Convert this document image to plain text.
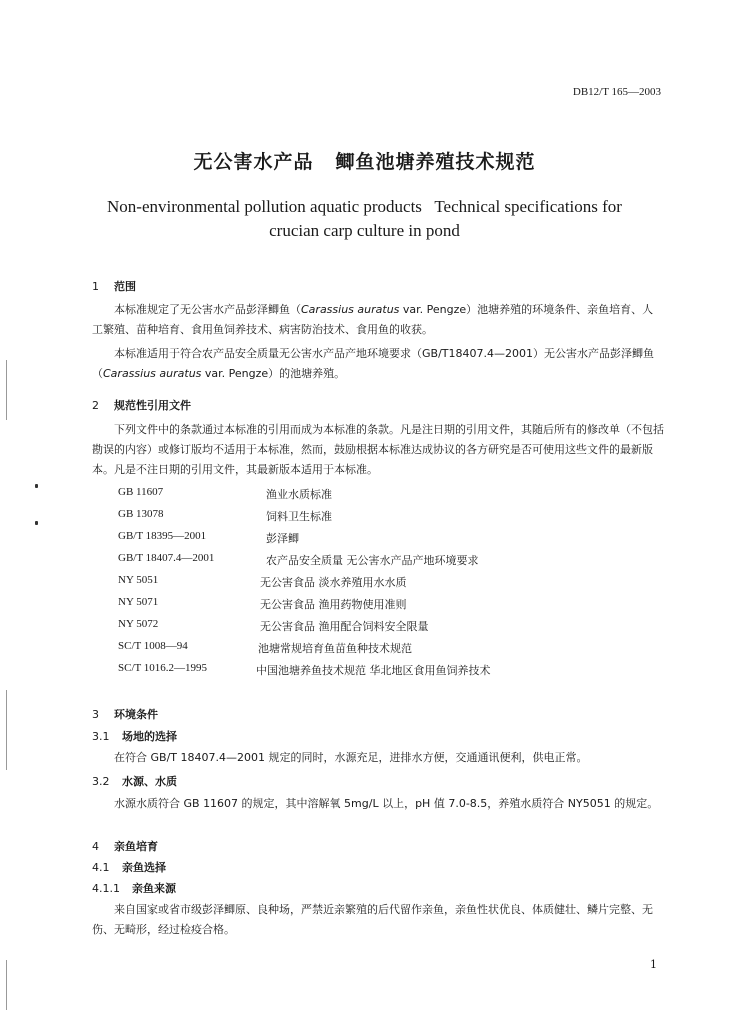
DB12/T 165—2003
无公害水产品 鲫鱼池塘养殖技术规范
Non-environmental pollution aquatic products   Technical specifications for
crucian carp culture in pond
1 范围
本标准规定了无公害水产品彭泽鲫鱼（Carassius auratus var. Pengze）池塘养殖的环境条件、亲鱼培育、人工繁殖、苗种培育、食用鱼饲养技术、病害防治技术、食用鱼的收获。
本标准适用于符合农产品安全质量无公害水产品产地环境要求（GB/T18407.4—2001）无公害水产品彭泽鲫鱼（Carassius auratus var. Pengze）的池塘养殖。
2 规范性引用文件
下列文件中的条款通过本标准的引用而成为本标准的条款。凡是注日期的引用文件，其随后所有的修改单（不包括勘误的内容）或修订版均不适用于本标准，然而，鼓励根据本标准达成协议的各方研究是否可使用这些文件的最新版本。凡是不注日期的引用文件，其最新版本适用于本标准。
GB 11607	渔业水质标准
GB 13078	饲料卫生标准
GB/T 18395—2001	彭泽鲫
GB/T 18407.4—2001	农产品安全质量 无公害水产品产地环境要求
NY 5051	无公害食品 淡水养殖用水水质
NY 5071	无公害食品 渔用药物使用准则
NY 5072	无公害食品 渔用配合饲料安全限量
SC/T 1008—94	池塘常规培育鱼苗鱼种技术规范
SC/T 1016.2—1995	中国池塘养鱼技术规范 华北地区食用鱼饲养技术
3 环境条件
3.1 场地的选择
在符合 GB/T 18407.4—2001 规定的同时，水源充足，进排水方便，交通通讯便利，供电正常。
3.2 水源、水质
水源水质符合 GB 11607 的规定，其中溶解氧 5mg/L 以上，pH 值 7.0-8.5，养殖水质符合 NY5051 的规定。
4 亲鱼培育
4.1 亲鱼选择
4.1.1 亲鱼来源
来自国家或省市级彭泽鲫原、良种场，严禁近亲繁殖的后代留作亲鱼，亲鱼性状优良、体质健壮、鳞片完整、无伤、无畸形，经过检疫合格。
1
